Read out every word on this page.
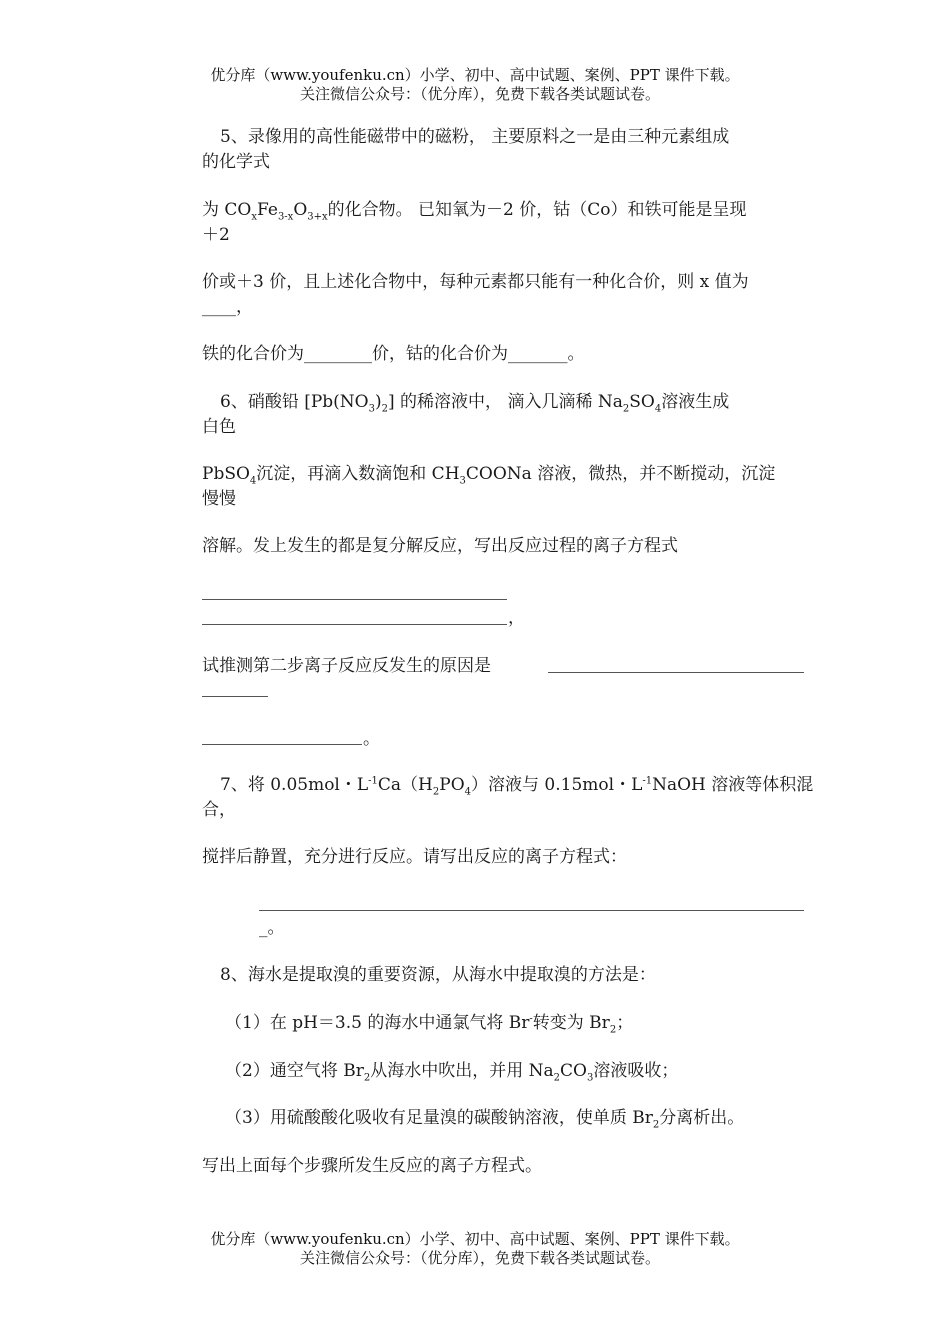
优分库（www.youfenku.cn）小学、初中、高中试题、案例、PPT 课件下载。
关注微信公众号：（优分库），免费下载各类试题试卷。
5、录像用的高性能磁带中的磁粉， 主要原料之一是由三种元素组成
的化学式
为 $CO_xFe_{3-x}O_{3+x}$的化合物。 已知氧为－2 价，钴（Co）和铁可能是呈现
＋2
价或＋3 价，且上述化合物中，每种元素都只能有一种化合价，则 x 值为
____，
铁的化合价为________价，钴的化合价为_______。
6、硝酸铅 $[Pb(NO_3)_2]$ 的稀溶液中， 滴入几滴稀 $Na_2SO_4$溶液生成
白色
PbSO$_4$沉淀，再滴入数滴饱和 $CH_3COONa$ 溶液，微热，并不断搅动，沉淀
慢慢
溶解。发上发生的都是复分解反应，写出反应过程的离子方程式
，
试推测第二步离子反应反发生的原因是
。
7、将 0.05mol・$L^{-1}Ca(H_2PO_4)$溶液与 0.15mol・$L^{-1}NaOH$ 溶液等体积混
合，
搅拌后静置，充分进行反应。请写出反应的离子方程式：
_。
8、海水是提取溴的重要资源，从海水中提取溴的方法是：
（1）在 pH＝3.5 的海水中通氯气将 Br-转变为 $Br_2$；
（2）通空气将 $Br_2$从海水中吹出，并用 $Na_2CO_3$溶液吸收；
（3）用硫酸酸化吸收有足量溴的碳酸钠溶液，使单质 $Br_2$分离析出。
写出上面每个步骤所发生反应的离子方程式。
优分库（www.youfenku.cn）小学、初中、高中试题、案例、PPT 课件下载。
关注微信公众号：（优分库），免费下载各类试题试卷。
